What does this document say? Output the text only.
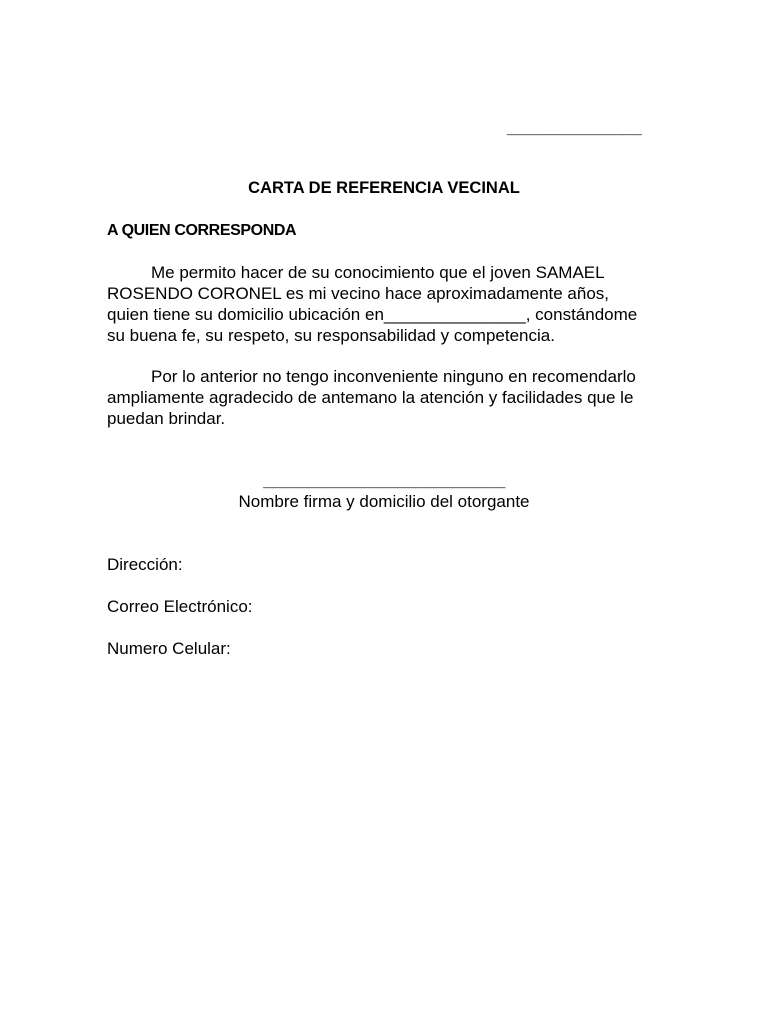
_______________
CARTA DE REFERENCIA VECINAL
A QUIEN CORRESPONDA

Me permito hacer de su conocimiento que el joven SAMAEL
ROSENDO CORONEL es mi vecino hace aproximadamente años,
quien tiene su domicilio ubicación en_______________, constándome
su buena fe, su respeto, su responsabilidad y competencia.

Por lo anterior no tengo inconveniente ninguno en recomendarlo
ampliamente agradecido de antemano la atención y facilidades que le
puedan brindar.

___________________________
Nombre firma y domicilio del otorgante
Dirección:
Correo Electrónico:
Numero Celular:
